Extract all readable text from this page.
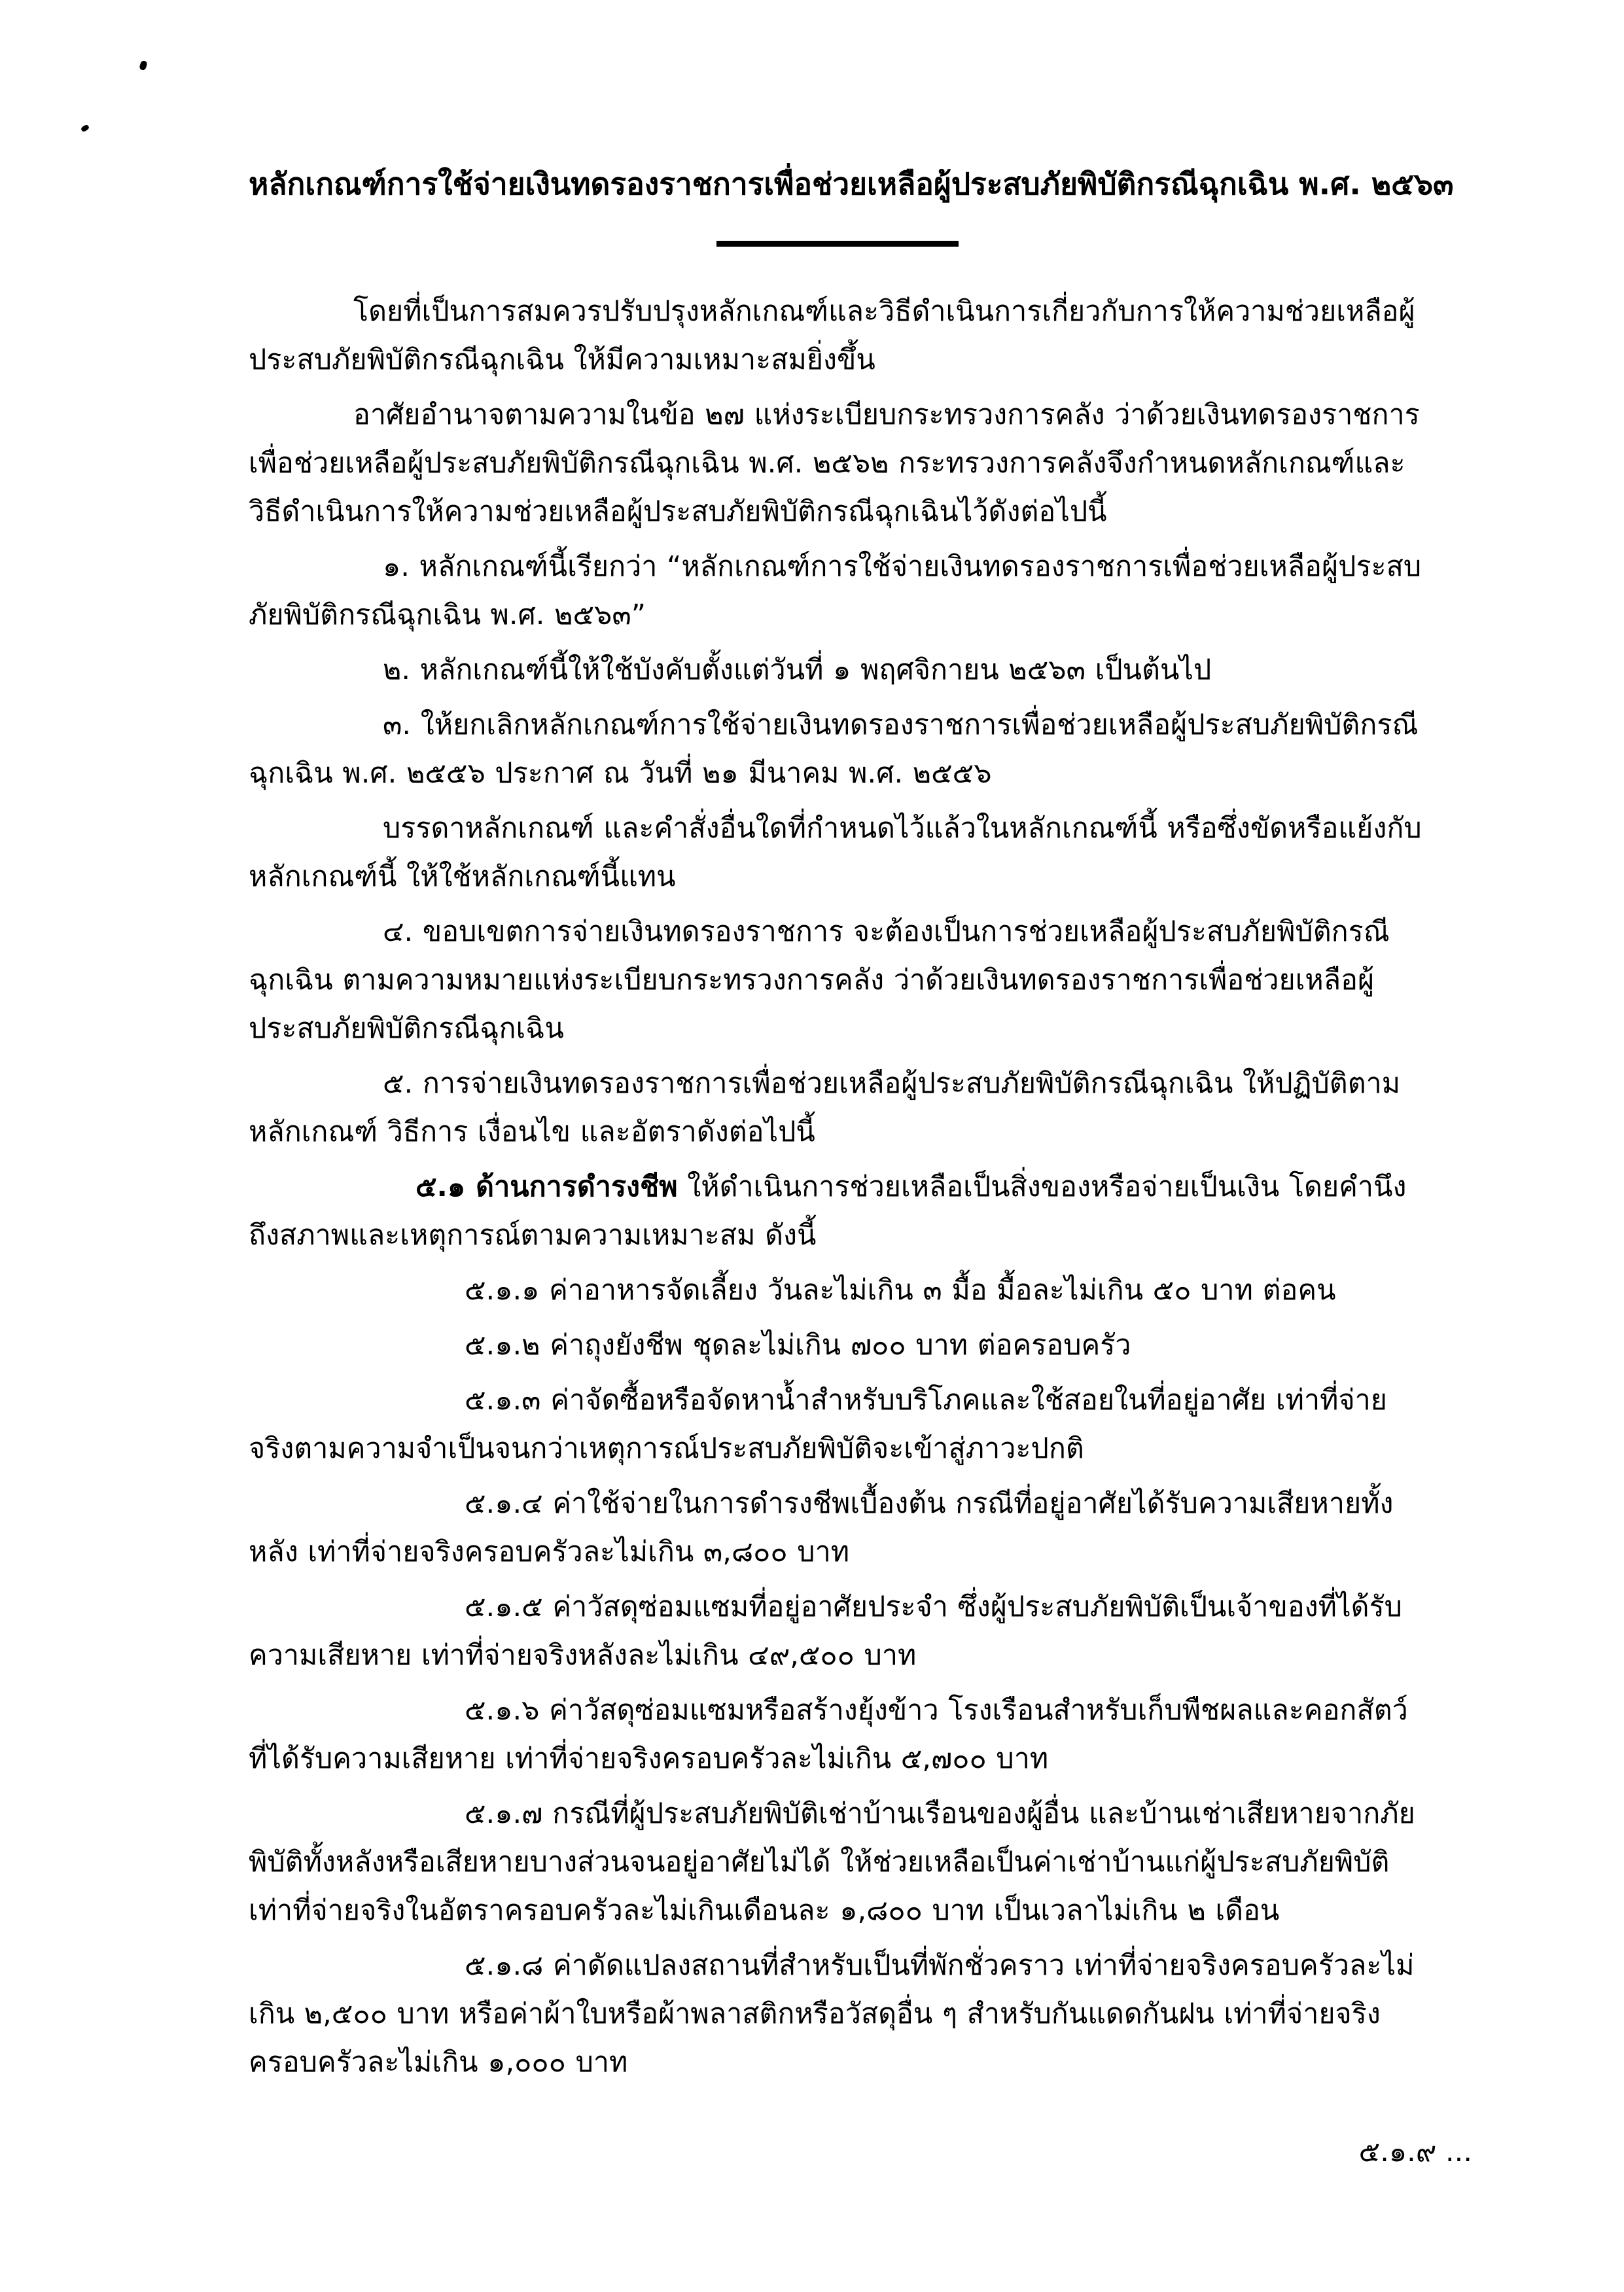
หลักเกณฑ์การใช้จ่ายเงินทดรองราชการเพื่อช่วยเหลือผู้ประสบภัยพิบัติกรณีฉุกเฉิน พ.ศ. ๒๕๖๓

โดยที่เป็นการสมควรปรับปรุงหลักเกณฑ์และวิธีดำเนินการเกี่ยวกับการให้ความช่วยเหลือผู้ประสบภัยพิบัติกรณีฉุกเฉิน ให้มีความเหมาะสมยิ่งขึ้น

อาศัยอำนาจตามความในข้อ ๒๗ แห่งระเบียบกระทรวงการคลัง ว่าด้วยเงินทดรองราชการเพื่อช่วยเหลือผู้ประสบภัยพิบัติกรณีฉุกเฉิน พ.ศ. ๒๕๖๒ กระทรวงการคลังจึงกำหนดหลักเกณฑ์และวิธีดำเนินการให้ความช่วยเหลือผู้ประสบภัยพิบัติกรณีฉุกเฉินไว้ดังต่อไปนี้

๑. หลักเกณฑ์นี้เรียกว่า “หลักเกณฑ์การใช้จ่ายเงินทดรองราชการเพื่อช่วยเหลือผู้ประสบภัยพิบัติกรณีฉุกเฉิน พ.ศ. ๒๕๖๓”

๒. หลักเกณฑ์นี้ให้ใช้บังคับตั้งแต่วันที่ ๑ พฤศจิกายน ๒๕๖๓ เป็นต้นไป

๓. ให้ยกเลิกหลักเกณฑ์การใช้จ่ายเงินทดรองราชการเพื่อช่วยเหลือผู้ประสบภัยพิบัติกรณีฉุกเฉิน พ.ศ. ๒๕๕๖ ประกาศ ณ วันที่ ๒๑ มีนาคม พ.ศ. ๒๕๕๖

บรรดาหลักเกณฑ์ และคำสั่งอื่นใดที่กำหนดไว้แล้วในหลักเกณฑ์นี้ หรือซึ่งขัดหรือแย้งกับหลักเกณฑ์นี้ ให้ใช้หลักเกณฑ์นี้แทน

๔. ขอบเขตการจ่ายเงินทดรองราชการ จะต้องเป็นการช่วยเหลือผู้ประสบภัยพิบัติกรณีฉุกเฉิน ตามความหมายแห่งระเบียบกระทรวงการคลัง ว่าด้วยเงินทดรองราชการเพื่อช่วยเหลือผู้ประสบภัยพิบัติกรณีฉุกเฉิน

๕. การจ่ายเงินทดรองราชการเพื่อช่วยเหลือผู้ประสบภัยพิบัติกรณีฉุกเฉิน ให้ปฏิบัติตามหลักเกณฑ์ วิธีการ เงื่อนไข และอัตราดังต่อไปนี้

๕.๑ ด้านการดำรงชีพ ให้ดำเนินการช่วยเหลือเป็นสิ่งของหรือจ่ายเป็นเงิน โดยคำนึงถึงสภาพและเหตุการณ์ตามความเหมาะสม ดังนี้

๕.๑.๑ ค่าอาหารจัดเลี้ยง วันละไม่เกิน ๓ มื้อ มื้อละไม่เกิน ๕๐ บาท ต่อคน

๕.๑.๒ ค่าถุงยังชีพ ชุดละไม่เกิน ๗๐๐ บาท ต่อครอบครัว

๕.๑.๓ ค่าจัดซื้อหรือจัดหาน้ำสำหรับบริโภคและใช้สอยในที่อยู่อาศัย เท่าที่จ่ายจริงตามความจำเป็นจนกว่าเหตุการณ์ประสบภัยพิบัติจะเข้าสู่ภาวะปกติ

๕.๑.๔ ค่าใช้จ่ายในการดำรงชีพเบื้องต้น กรณีที่อยู่อาศัยได้รับความเสียหายทั้งหลัง เท่าที่จ่ายจริงครอบครัวละไม่เกิน ๓,๘๐๐ บาท

๕.๑.๕ ค่าวัสดุซ่อมแซมที่อยู่อาศัยประจำ ซึ่งผู้ประสบภัยพิบัติเป็นเจ้าของที่ได้รับความเสียหาย เท่าที่จ่ายจริงหลังละไม่เกิน ๔๙,๕๐๐ บาท

๕.๑.๖ ค่าวัสดุซ่อมแซมหรือสร้างยุ้งข้าว โรงเรือนสำหรับเก็บพืชผลและคอกสัตว์ที่ได้รับความเสียหาย เท่าที่จ่ายจริงครอบครัวละไม่เกิน ๕,๗๐๐ บาท

๕.๑.๗ กรณีที่ผู้ประสบภัยพิบัติเช่าบ้านเรือนของผู้อื่น และบ้านเช่าเสียหายจากภัยพิบัติทั้งหลังหรือเสียหายบางส่วนจนอยู่อาศัยไม่ได้ ให้ช่วยเหลือเป็นค่าเช่าบ้านแก่ผู้ประสบภัยพิบัติเท่าที่จ่ายจริงในอัตราครอบครัวละไม่เกินเดือนละ ๑,๘๐๐ บาท เป็นเวลาไม่เกิน ๒ เดือน

๕.๑.๘ ค่าดัดแปลงสถานที่สำหรับเป็นที่พักชั่วคราว เท่าที่จ่ายจริงครอบครัวละไม่เกิน ๒,๕๐๐ บาท หรือค่าผ้าใบหรือผ้าพลาสติกหรือวัสดุอื่น ๆ สำหรับกันแดดกันฝน เท่าที่จ่ายจริงครอบครัวละไม่เกิน ๑,๐๐๐ บาท

๕.๑.๙ ...
